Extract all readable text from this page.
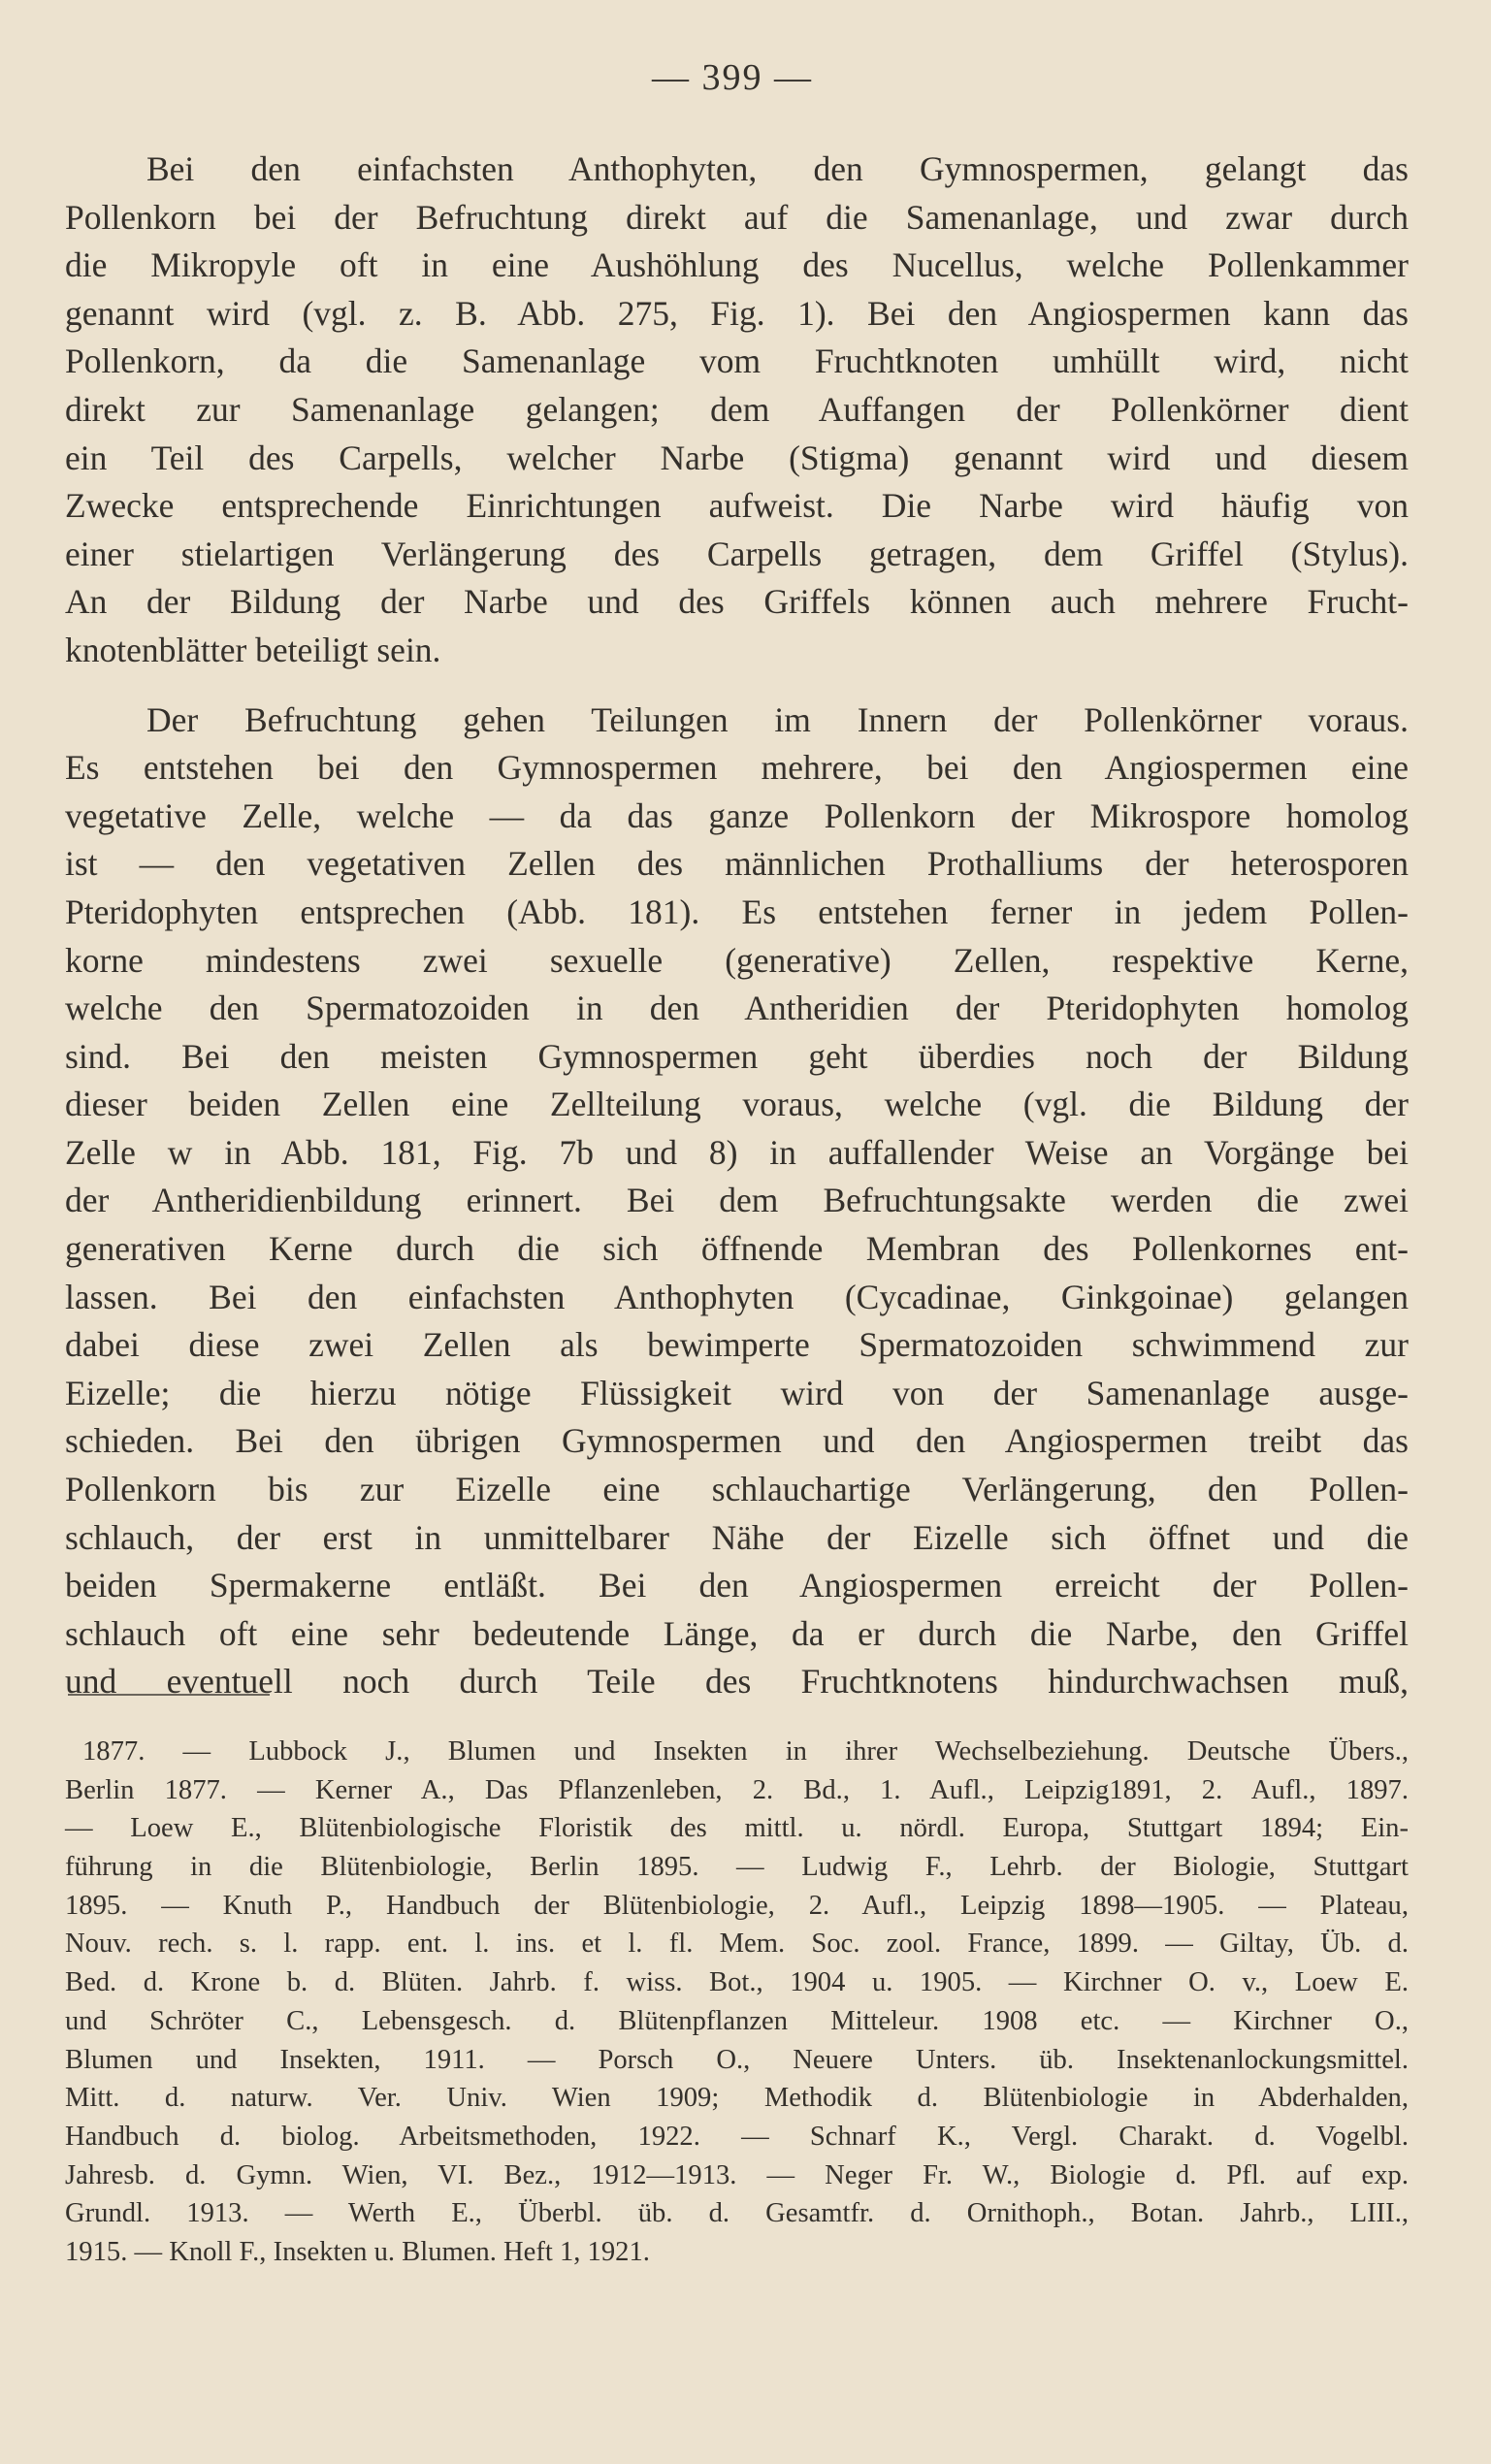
— 399 —
Bei den einfachsten Anthophyten, den Gymnospermen, gelangt das
Pollenkorn bei der Befruchtung direkt auf die Samenanlage, und zwar durch
die Mikropyle oft in eine Aushöhlung des Nucellus, welche Pollenkammer
genannt wird (vgl. z. B. Abb. 275, Fig. 1). Bei den Angiospermen kann das
Pollenkorn, da die Samenanlage vom Fruchtknoten umhüllt wird, nicht
direkt zur Samenanlage gelangen; dem Auffangen der Pollenkörner dient
ein Teil des Carpells, welcher Narbe (Stigma) genannt wird und diesem
Zwecke entsprechende Einrichtungen aufweist. Die Narbe wird häufig von
einer stielartigen Verlängerung des Carpells getragen, dem Griffel (Stylus).
An der Bildung der Narbe und des Griffels können auch mehrere Frucht-
knotenblätter beteiligt sein.
Der Befruchtung gehen Teilungen im Innern der Pollenkörner voraus.
Es entstehen bei den Gymnospermen mehrere, bei den Angiospermen eine
vegetative Zelle, welche — da das ganze Pollenkorn der Mikrospore homolog
ist — den vegetativen Zellen des männlichen Prothalliums der heterosporen
Pteridophyten entsprechen (Abb. 181). Es entstehen ferner in jedem Pollen-
korne mindestens zwei sexuelle (generative) Zellen, respektive Kerne,
welche den Spermatozoiden in den Antheridien der Pteridophyten homolog
sind. Bei den meisten Gymnospermen geht überdies noch der Bildung
dieser beiden Zellen eine Zellteilung voraus, welche (vgl. die Bildung der
Zelle w in Abb. 181, Fig. 7b und 8) in auffallender Weise an Vorgänge bei
der Antheridienbildung erinnert. Bei dem Befruchtungsakte werden die zwei
generativen Kerne durch die sich öffnende Membran des Pollenkornes ent-
lassen. Bei den einfachsten Anthophyten (Cycadinae, Ginkgoinae) gelangen
dabei diese zwei Zellen als bewimperte Spermatozoiden schwimmend zur
Eizelle; die hierzu nötige Flüssigkeit wird von der Samenanlage ausge-
schieden. Bei den übrigen Gymnospermen und den Angiospermen treibt das
Pollenkorn bis zur Eizelle eine schlauchartige Verlängerung, den Pollen-
schlauch, der erst in unmittelbarer Nähe der Eizelle sich öffnet und die
beiden Spermakerne entläßt. Bei den Angiospermen erreicht der Pollen-
schlauch oft eine sehr bedeutende Länge, da er durch die Narbe, den Griffel
und eventuell noch durch Teile des Fruchtknotens hindurchwachsen muß,
1877. — Lubbock J., Blumen und Insekten in ihrer Wechselbeziehung. Deutsche Übers.,
Berlin 1877. — Kerner A., Das Pflanzenleben, 2. Bd., 1. Aufl., Leipzig1891, 2. Aufl., 1897.
— Loew E., Blütenbiologische Floristik des mittl. u. nördl. Europa, Stuttgart 1894; Ein-
führung in die Blütenbiologie, Berlin 1895. — Ludwig F., Lehrb. der Biologie, Stuttgart
1895. — Knuth P., Handbuch der Blütenbiologie, 2. Aufl., Leipzig 1898—1905. — Plateau,
Nouv. rech. s. l. rapp. ent. l. ins. et l. fl. Mem. Soc. zool. France, 1899. — Giltay, Üb. d.
Bed. d. Krone b. d. Blüten. Jahrb. f. wiss. Bot., 1904 u. 1905. — Kirchner O. v., Loew E.
und Schröter C., Lebensgesch. d. Blütenpflanzen Mitteleur. 1908 etc. — Kirchner O.,
Blumen und Insekten, 1911. — Porsch O., Neuere Unters. üb. Insektenanlockungsmittel.
Mitt. d. naturw. Ver. Univ. Wien 1909; Methodik d. Blütenbiologie in Abderhalden,
Handbuch d. biolog. Arbeitsmethoden, 1922. — Schnarf K., Vergl. Charakt. d. Vogelbl.
Jahresb. d. Gymn. Wien, VI. Bez., 1912—1913. — Neger Fr. W., Biologie d. Pfl. auf exp.
Grundl. 1913. — Werth E., Überbl. üb. d. Gesamtfr. d. Ornithoph., Botan. Jahrb., LIII.,
1915. — Knoll F., Insekten u. Blumen. Heft 1, 1921.
